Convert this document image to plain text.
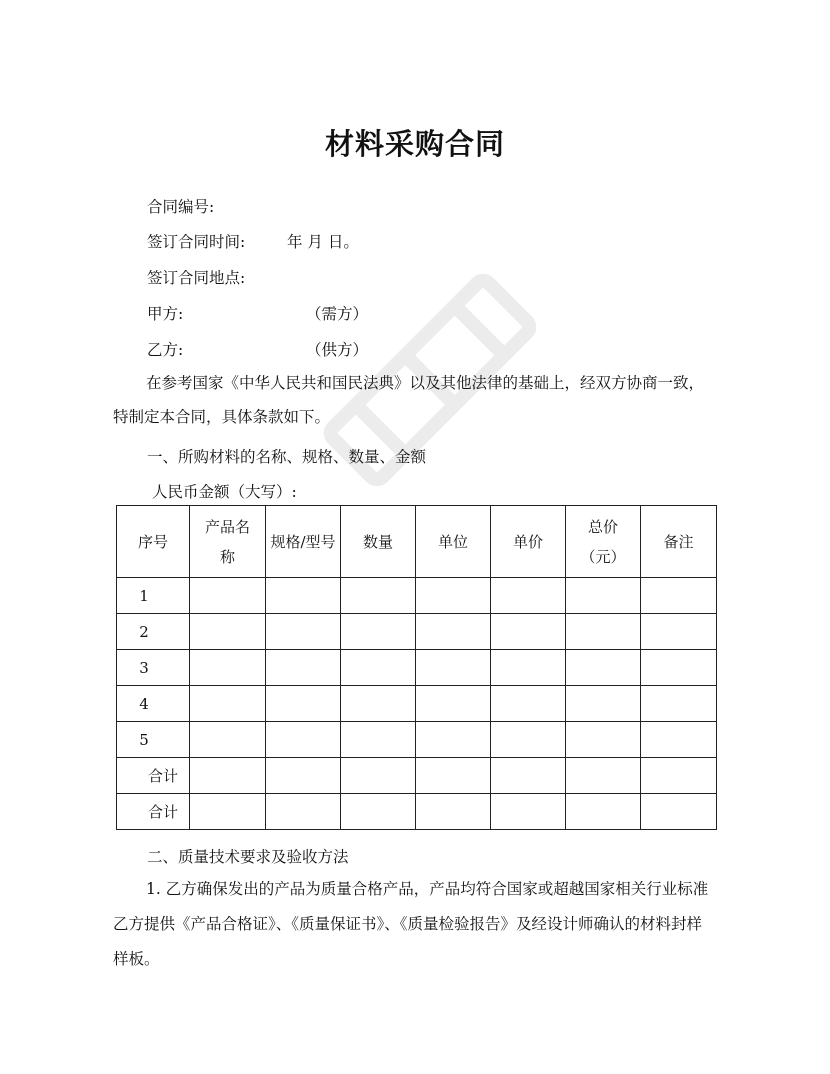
材料采购合同
合同编号:
签订合同时间:	年 月 日。
签订合同地点:
甲方:	（需方）
乙方:	（供方）
在参考国家《中华人民共和国民法典》以及其他法律的基础上，经双方协商一致，特制定本合同，具体条款如下。
一、所购材料的名称、规格、数量、金额
人民币金额（大写）:
序号	产品名称	规格/型号	数量	单位	单价	总价（元）	备注
1							
2							
3							
4							
5							
合计							
合计							
二、质量技术要求及验收方法
1. 乙方确保发出的产品为质量合格产品，产品均符合国家或超越国家相关行业标准 乙方提供《产品合格证》、《质量保证书》、《质量检验报告》及经设计师确认的材料封样样板。
